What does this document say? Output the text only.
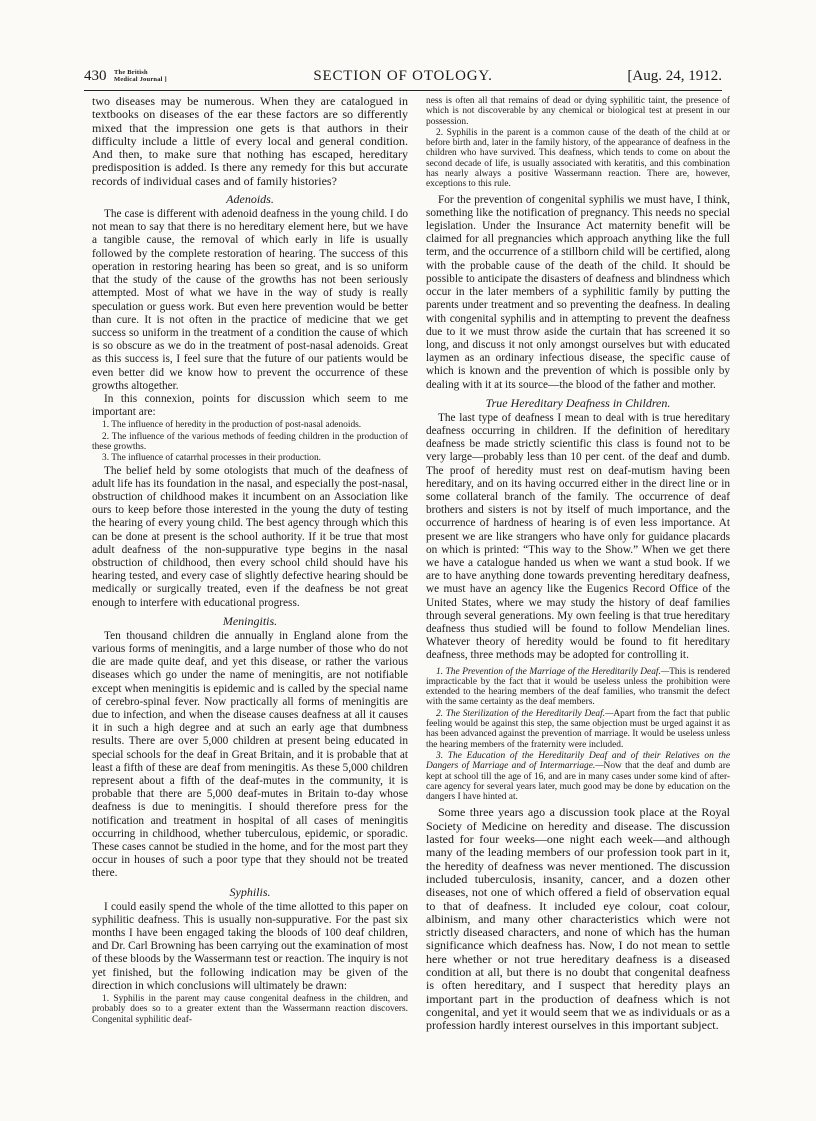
430 The British
Medical Journal ]	SECTION OF OTOLOGY.	[Aug. 24, 1912.

two diseases may be numerous. When they are catalogued in textbooks on diseases of the ear these factors are so differently mixed that the impression one gets is that authors in their difficulty include a little of every local and general condition. And then, to make sure that nothing has escaped, hereditary predisposition is added. Is there any remedy for this but accurate records of individual cases and of family histories?

Adenoids.

The case is different with adenoid deafness in the young child. I do not mean to say that there is no hereditary element here, but we have a tangible cause, the removal of which early in life is usually followed by the complete restoration of hearing. The success of this operation in restoring hearing has been so great, and is so uniform that the study of the cause of the growths has not been seriously attempted. Most of what we have in the way of study is really speculation or guess work. But even here prevention would be better than cure. It is not often in the practice of medicine that we get success so uniform in the treatment of a condition the cause of which is so obscure as we do in the treatment of post-nasal adenoids. Great as this success is, I feel sure that the future of our patients would be even better did we know how to prevent the occurrence of these growths altogether.

In this connexion, points for discussion which seem to me important are:

1. The influence of heredity in the production of post-nasal adenoids.

2. The influence of the various methods of feeding children in the production of these growths.

3. The influence of catarrhal processes in their production.

The belief held by some otologists that much of the deafness of adult life has its foundation in the nasal, and especially the post-nasal, obstruction of childhood makes it incumbent on an Association like ours to keep before those interested in the young the duty of testing the hearing of every young child. The best agency through which this can be done at present is the school authority. If it be true that most adult deafness of the non-suppurative type begins in the nasal obstruction of childhood, then every school child should have his hearing tested, and every case of slightly defective hearing should be medically or surgically treated, even if the deafness be not great enough to interfere with educational progress.

Meningitis.

Ten thousand children die annually in England alone from the various forms of meningitis, and a large number of those who do not die are made quite deaf, and yet this disease, or rather the various diseases which go under the name of meningitis, are not notifiable except when meningitis is epidemic and is called by the special name of cerebro-spinal fever. Now practically all forms of meningitis are due to infection, and when the disease causes deafness at all it causes it in such a high degree and at such an early age that dumbness results. There are over 5,000 children at present being educated in special schools for the deaf in Great Britain, and it is probable that at least a fifth of these are deaf from meningitis. As these 5,000 children represent about a fifth of the deaf-mutes in the community, it is probable that there are 5,000 deaf-mutes in Britain to-day whose deafness is due to meningitis. I should therefore press for the notification and treatment in hospital of all cases of meningitis occurring in childhood, whether tuberculous, epidemic, or sporadic. These cases cannot be studied in the home, and for the most part they occur in houses of such a poor type that they should not be treated there.

Syphilis.

I could easily spend the whole of the time allotted to this paper on syphilitic deafness. This is usually non-suppurative. For the past six months I have been engaged taking the bloods of 100 deaf children, and Dr. Carl Browning has been carrying out the examination of most of these bloods by the Wassermann test or reaction. The inquiry is not yet finished, but the following indication may be given of the direction in which conclusions will ultimately be drawn:

1. Syphilis in the parent may cause congenital deafness in the children, and probably does so to a greater extent than the Wassermann reaction discovers. Congenital syphilitic deaf-

ness is often all that remains of dead or dying syphilitic taint, the presence of which is not discoverable by any chemical or biological test at present in our possession.

2. Syphilis in the parent is a common cause of the death of the child at or before birth and, later in the family history, of the appearance of deafness in the children who have survived. This deafness, which tends to come on about the second decade of life, is usually associated with keratitis, and this combination has nearly always a positive Wassermann reaction. There are, however, exceptions to this rule.

For the prevention of congenital syphilis we must have, I think, something like the notification of pregnancy. This needs no special legislation. Under the Insurance Act maternity benefit will be claimed for all pregnancies which approach anything like the full term, and the occurrence of a stillborn child will be certified, along with the probable cause of the death of the child. It should be possible to anticipate the disasters of deafness and blindness which occur in the later members of a syphilitic family by putting the parents under treatment and so preventing the deafness. In dealing with congenital syphilis and in attempting to prevent the deafness due to it we must throw aside the curtain that has screened it so long, and discuss it not only amongst ourselves but with educated laymen as an ordinary infectious disease, the specific cause of which is known and the prevention of which is possible only by dealing with it at its source—the blood of the father and mother.

True Hereditary Deafness in Children.

The last type of deafness I mean to deal with is true hereditary deafness occurring in children. If the definition of hereditary deafness be made strictly scientific this class is found not to be very large—probably less than 10 per cent. of the deaf and dumb. The proof of heredity must rest on deaf-mutism having been hereditary, and on its having occurred either in the direct line or in some collateral branch of the family. The occurrence of deaf brothers and sisters is not by itself of much importance, and the occurrence of hardness of hearing is of even less importance. At present we are like strangers who have only for guidance placards on which is printed: “This way to the Show.” When we get there we have a catalogue handed us when we want a stud book. If we are to have anything done towards preventing hereditary deafness, we must have an agency like the Eugenics Record Office of the United States, where we may study the history of deaf families through several generations. My own feeling is that true hereditary deafness thus studied will be found to follow Mendelian lines. Whatever theory of heredity would be found to fit hereditary deafness, three methods may be adopted for controlling it.

1. The Prevention of the Marriage of the Hereditarily Deaf.—This is rendered impracticable by the fact that it would be useless unless the prohibition were extended to the hearing members of the deaf families, who transmit the defect with the same certainty as the deaf members.

2. The Sterilization of the Hereditarily Deaf.—Apart from the fact that public feeling would be against this step, the same objection must be urged against it as has been advanced against the prevention of marriage. It would be useless unless the hearing members of the fraternity were included.

3. The Education of the Hereditarily Deaf and of their Relatives on the Dangers of Marriage and of Intermarriage.—Now that the deaf and dumb are kept at school till the age of 16, and are in many cases under some kind of after-care agency for several years later, much good may be done by education on the dangers I have hinted at.

Some three years ago a discussion took place at the Royal Society of Medicine on heredity and disease. The discussion lasted for four weeks—one night each week—and although many of the leading members of our profession took part in it, the heredity of deafness was never mentioned. The discussion included tuberculosis, insanity, cancer, and a dozen other diseases, not one of which offered a field of observation equal to that of deafness. It included eye colour, coat colour, albinism, and many other characteristics which were not strictly diseased characters, and none of which has the human significance which deafness has. Now, I do not mean to settle here whether or not true hereditary deafness is a diseased condition at all, but there is no doubt that congenital deafness is often hereditary, and I suspect that heredity plays an important part in the production of deafness which is not congenital, and yet it would seem that we as individuals or as a profession hardly interest ourselves in this important subject.
